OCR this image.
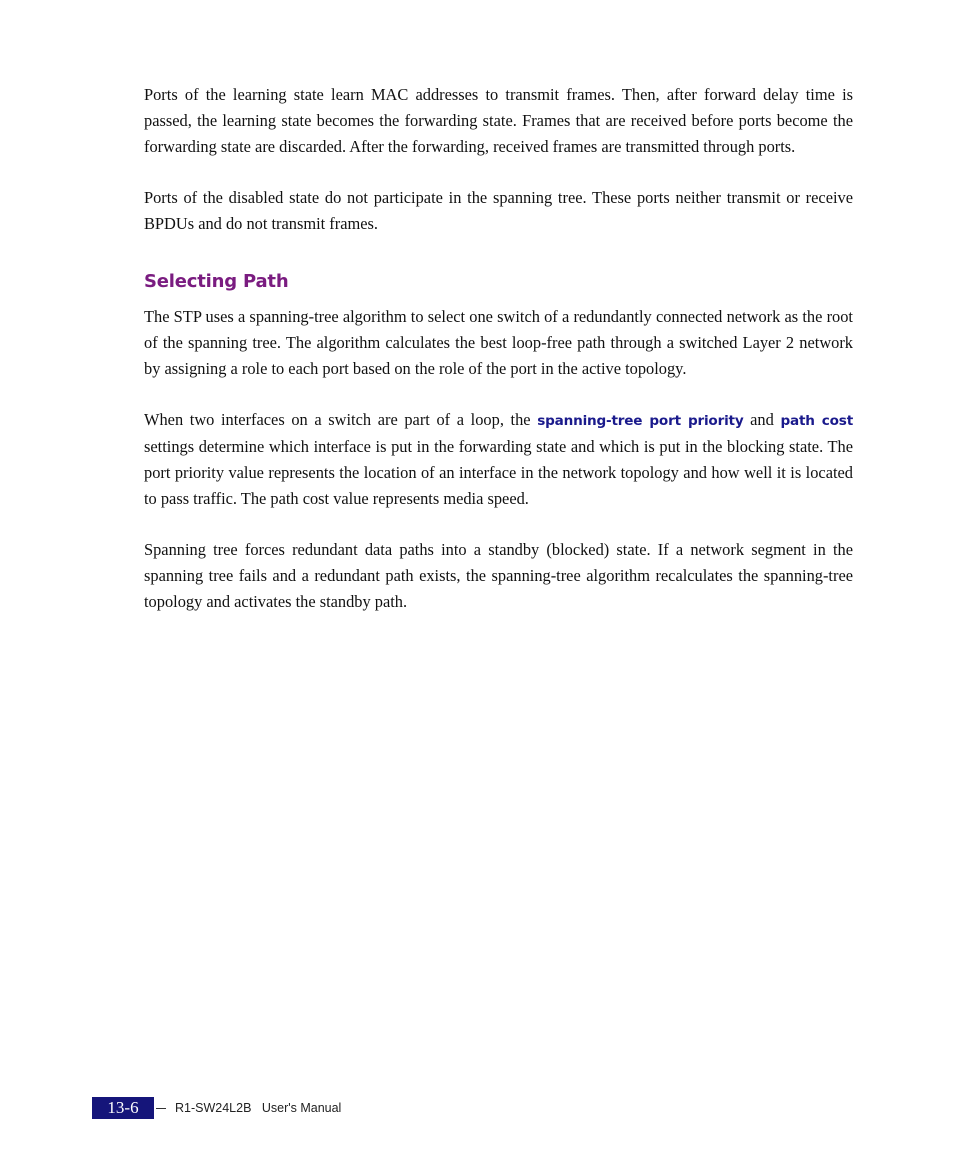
Ports of the learning state learn MAC addresses to transmit frames. Then, after forward delay time is passed, the learning state becomes the forwarding state. Frames that are received before ports become the forwarding state are discarded. After the forwarding, received frames are transmitted through ports.

Ports of the disabled state do not participate in the spanning tree. These ports neither transmit or receive BPDUs and do not transmit frames.

Selecting Path

The STP uses a spanning-tree algorithm to select one switch of a redundantly connected network as the root of the spanning tree. The algorithm calculates the best loop-free path through a switched Layer 2 network by assigning a role to each port based on the role of the port in the active topology.

When two interfaces on a switch are part of a loop, the spanning-tree port priority and path cost settings determine which interface is put in the forwarding state and which is put in the blocking state. The port priority value represents the location of an interface in the network topology and how well it is located to pass traffic. The path cost value represents media speed.

Spanning tree forces redundant data paths into a standby (blocked) state. If a network segment in the spanning tree fails and a redundant path exists, the spanning-tree algorithm recalculates the spanning-tree topology and activates the standby path.

13-6	R1-SW24L2B   User's Manual
